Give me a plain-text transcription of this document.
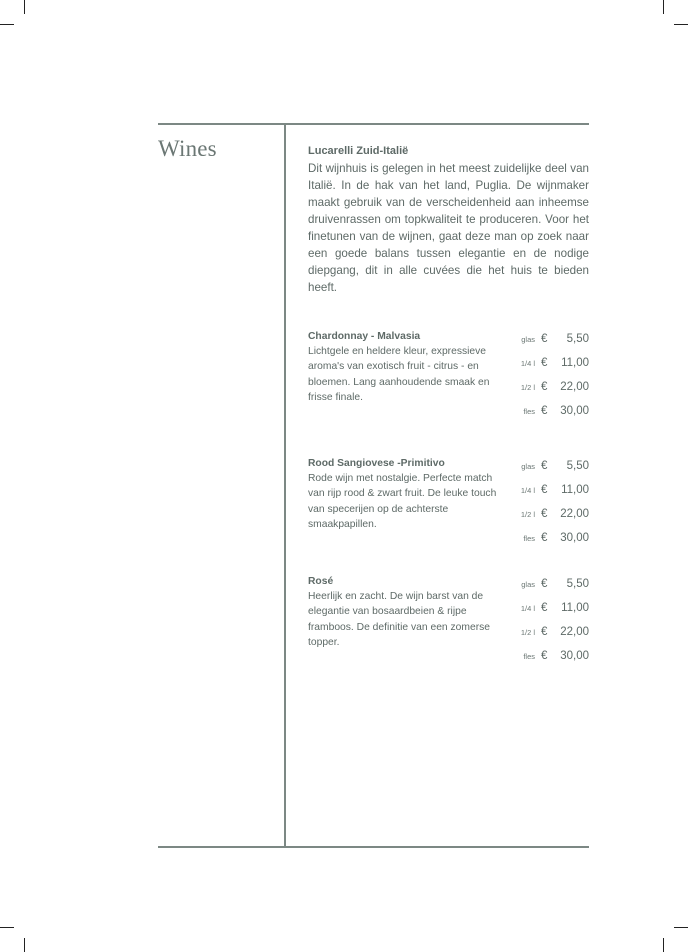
Wines	Lucarelli Zuid-Italië
Dit wijnhuis is gelegen in het meest zuidelijke deel van Italië. In de hak van het land, Puglia. De wijnmaker maakt gebruik van de verscheidenheid aan inheemse druivenrassen om topkwaliteit te produceren. Voor het finetunen van de wijnen, gaat deze man op zoek naar een goede balans tussen elegantie en de nodige diepgang, dit in alle cuvées die het huis te bieden heeft.
Chardonnay - Malvasia
Lichtgele en heldere kleur, expressieve aroma's van exotisch fruit - citrus - en bloemen. Lang aanhoudende smaak en frisse finale.
glas €	5,50
1/4 l €	11,00
1/2 l €	22,00
fles €	30,00
Rood Sangiovese -Primitivo
Rode wijn met nostalgie. Perfecte match van rijp rood & zwart fruit. De leuke touch van specerijen op de achterste smaakpapillen.
glas €	5,50
1/4 l €	11,00
1/2 l €	22,00
fles €	30,00
Rosé
Heerlijk en zacht. De wijn barst van de elegantie van bosaardbeien & rijpe framboos. De definitie van een zomerse topper.
glas €	5,50
1/4 l €	11,00
1/2 l €	22,00
fles €	30,00
